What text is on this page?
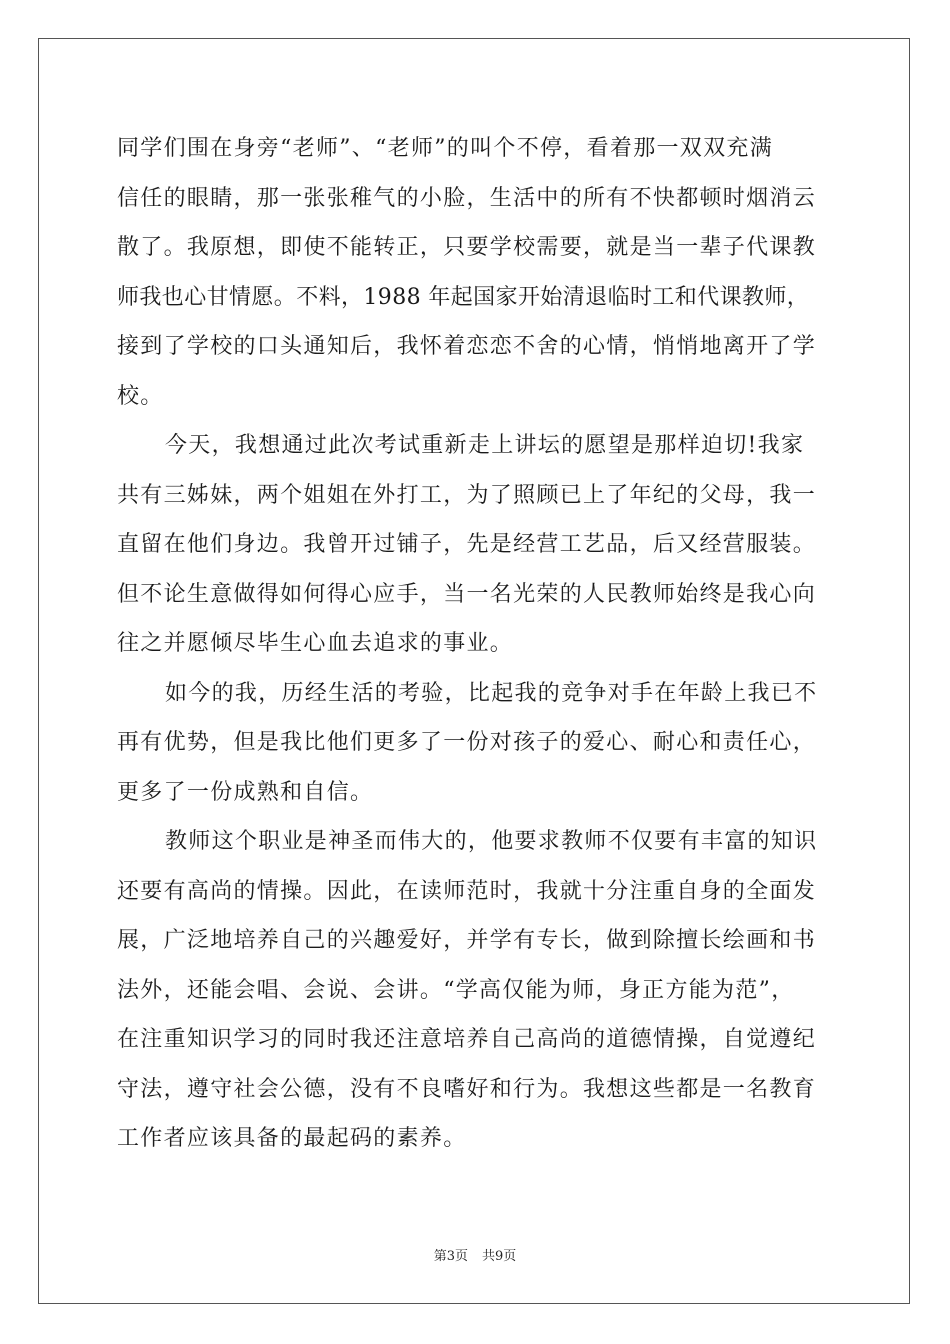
同学们围在身旁“老师”、“老师”的叫个不停，看着那一双双充满
信任的眼睛，那一张张稚气的小脸，生活中的所有不快都顿时烟消云
散了。我原想，即使不能转正，只要学校需要，就是当一辈子代课教
师我也心甘情愿。不料，1988 年起国家开始清退临时工和代课教师，
接到了学校的口头通知后，我怀着恋恋不舍的心情，悄悄地离开了学
校。
今天，我想通过此次考试重新走上讲坛的愿望是那样迫切!我家
共有三姊妹，两个姐姐在外打工，为了照顾已上了年纪的父母，我一
直留在他们身边。我曾开过铺子，先是经营工艺品，后又经营服装。
但不论生意做得如何得心应手，当一名光荣的人民教师始终是我心向
往之并愿倾尽毕生心血去追求的事业。
如今的我，历经生活的考验，比起我的竞争对手在年龄上我已不
再有优势，但是我比他们更多了一份对孩子的爱心、耐心和责任心，
更多了一份成熟和自信。
教师这个职业是神圣而伟大的，他要求教师不仅要有丰富的知识
还要有高尚的情操。因此，在读师范时，我就十分注重自身的全面发
展，广泛地培养自己的兴趣爱好，并学有专长，做到除擅长绘画和书
法外，还能会唱、会说、会讲。“学高仅能为师，身正方能为范”，
在注重知识学习的同时我还注意培养自己高尚的道德情操，自觉遵纪
守法，遵守社会公德，没有不良嗜好和行为。我想这些都是一名教育
工作者应该具备的最起码的素养。
第3页 共9页
